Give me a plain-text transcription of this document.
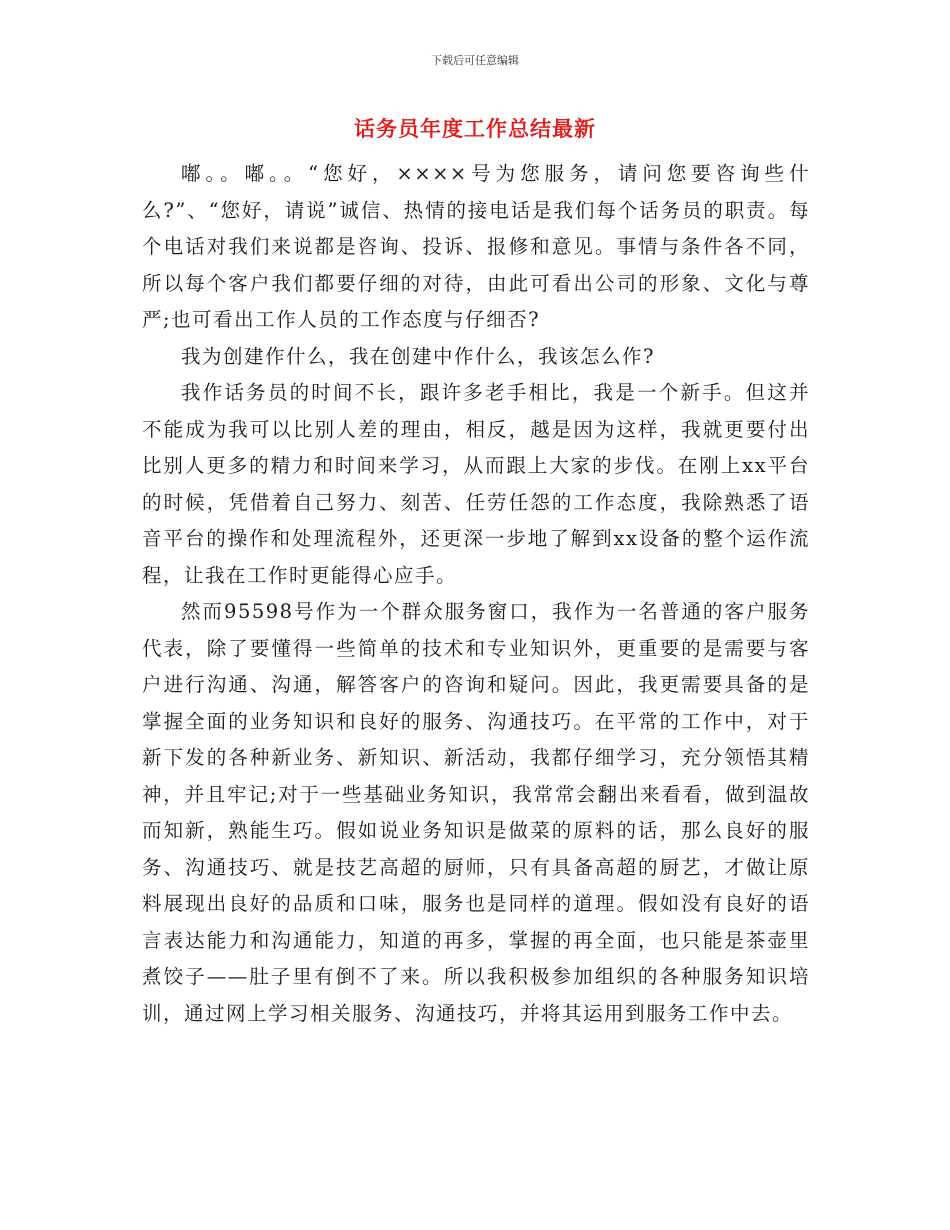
下载后可任意编辑
话务员年度工作总结最新

嘟。。嘟。。“您好，××××号为您服务，请问您要咨询些什么?”、“您好，请说”诚信、热情的接电话是我们每个话务员的职责。每个电话对我们来说都是咨询、投诉、报修和意见。事情与条件各不同，所以每个客户我们都要仔细的对待，由此可看出公司的形象、文化与尊严;也可看出工作人员的工作态度与仔细否?

我为创建作什么，我在创建中作什么，我该怎么作?

我作话务员的时间不长，跟许多老手相比，我是一个新手。但这并不能成为我可以比别人差的理由，相反，越是因为这样，我就更要付出比别人更多的精力和时间来学习，从而跟上大家的步伐。在刚上xx平台的时候，凭借着自己努力、刻苦、任劳任怨的工作态度，我除熟悉了语音平台的操作和处理流程外，还更深一步地了解到xx设备的整个运作流程，让我在工作时更能得心应手。

然而95598号作为一个群众服务窗口，我作为一名普通的客户服务代表，除了要懂得一些简单的技术和专业知识外，更重要的是需要与客户进行沟通、沟通，解答客户的咨询和疑问。因此，我更需要具备的是掌握全面的业务知识和良好的服务、沟通技巧。在平常的工作中，对于新下发的各种新业务、新知识、新活动，我都仔细学习，充分领悟其精神，并且牢记;对于一些基础业务知识，我常常会翻出来看看，做到温故而知新，熟能生巧。假如说业务知识是做菜的原料的话，那么良好的服务、沟通技巧、就是技艺高超的厨师，只有具备高超的厨艺，才做让原料展现出良好的品质和口味，服务也是同样的道理。假如没有良好的语言表达能力和沟通能力，知道的再多，掌握的再全面，也只能是茶壶里煮饺子——肚子里有倒不了来。所以我积极参加组织的各种服务知识培训，通过网上学习相关服务、沟通技巧，并将其运用到服务工作中去。
